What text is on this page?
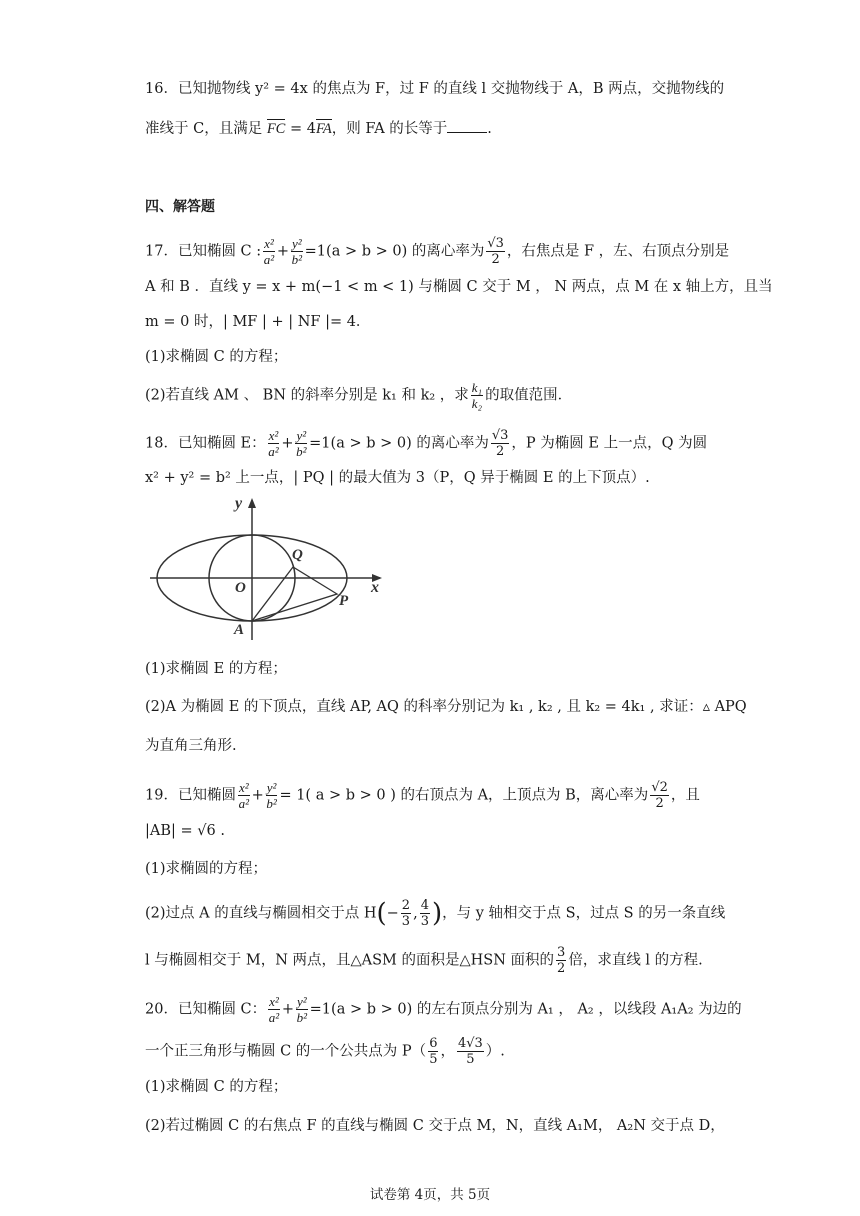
16．已知抛物线 y² = 4x 的焦点为 F，过 F 的直线 l 交抛物线于 A，B 两点，交抛物线的
准线于 C，且满足 FC = 4FA，则 FA 的长等于	.
四、解答题
17．已知椭圆 C : $\frac{\text{x²}}{\text{a²}} + \frac{\text{y²}}{\text{b²}} =1(a > b > 0)$ 的离心率为 $\frac{√3}{2}$ ，右焦点是 F ，左、右顶点分别是
A 和 B ．直线 y = x + m(−1 < m < 1) 与椭圆 C 交于 M ， N 两点，点 M 在 x 轴上方，且当
m = 0 时，| MF | + | NF |= 4．
(1)求椭圆 C 的方程；
(2)若直线 AM 、 BN 的斜率分别是 k₁ 和 k₂ ，求 $\frac{\text{k₁}}{\text{k₂}}$ 的取值范围．
18．已知椭圆 E： $\frac{\text{x²}}{\text{a²}} + \frac{\text{y²}}{\text{b²}} =1(a > b > 0)$ 的离心率为 $\frac{√3}{2}$ ，P 为椭圆 E 上一点，Q 为圆
x² + y² = b² 上一点，| PQ | 的最大值为 3（P，Q 异于椭圆 E 的上下顶点）.
y
x
O
Q
P
A
(1)求椭圆 E 的方程；
(2)A 为椭圆 E 的下顶点，直线 AP, AQ 的科率分别记为 k₁ , k₂ , 且 k₂ = 4k₁ , 求证：▵ APQ
为直角三角形.
19．已知椭圆 $\frac{\text{x²}}{\text{a²}} + \frac{\text{y²}}{\text{b²}} = 1$( a > b > 0 ) 的右顶点为 A，上顶点为 B，离心率为 $\frac{√2}{2}$ ，且
|AB| = √6 .
(1)求椭圆的方程；
(2)过点 A 的直线与椭圆相交于点 $H(- \frac{2}{3}$ , $\frac{4}{3}$ )，与 y 轴相交于点 S，过点 S 的另一条直线
l 与椭圆相交于 M，N 两点，且△ASM 的面积是△HSN 面积的 $\frac{3}{2}$ 倍，求直线 l 的方程.
20．已知椭圆 C： $\frac{\text{x²}}{\text{a²}} + \frac{\text{y²}}{\text{b²}} =1(a > b > 0)$ 的左右顶点分别为 A₁ ， A₂ ，以线段 A₁A₂ 为边的
一个正三角形与椭圆 C 的一个公共点为 $P( \frac{6}{5}$ ， $\frac{4√3}{5}$ ）.
(1)求椭圆 C 的方程；
(2)若过椭圆 C 的右焦点 F 的直线与椭圆 C 交于点 M，N，直线 A₁M， A₂N 交于点 D，
试卷第 4页，共 5页
